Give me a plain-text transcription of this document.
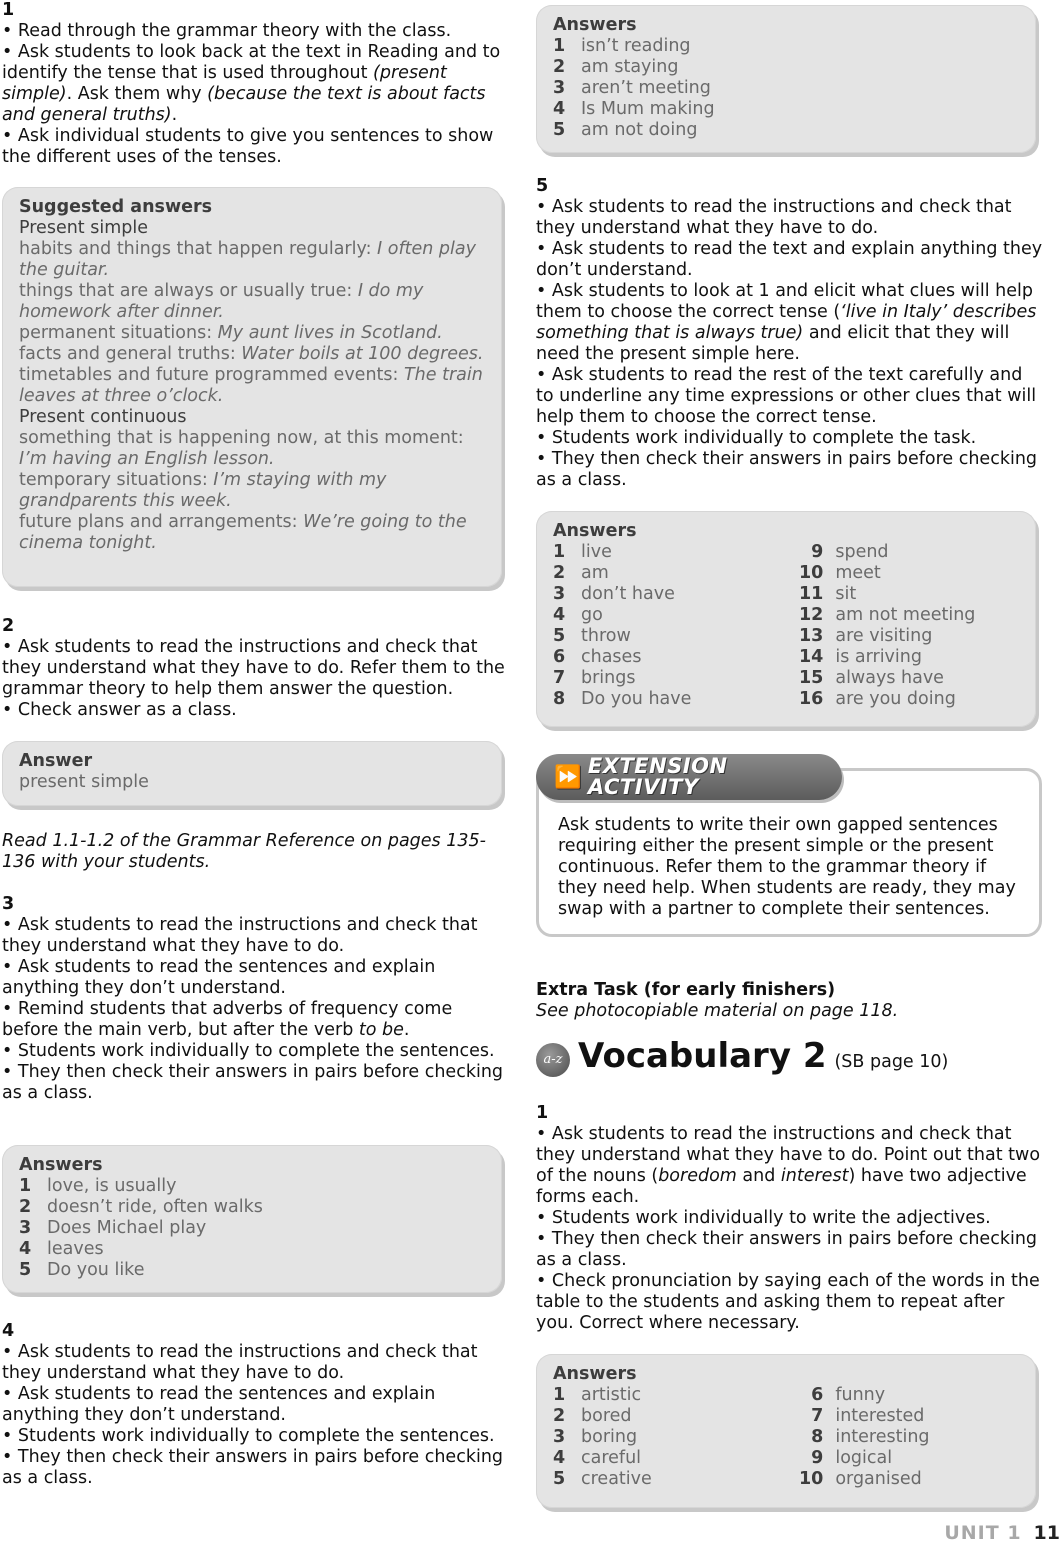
1

• Read through the grammar theory with the class.

• Ask students to look back at the text in Reading and to identify the tense that is used throughout (present simple). Ask them why (because the text is about facts and general truths).

• Ask individual students to give you sentences to show the different uses of the tenses.

Suggested answers

Present simple

habits and things that happen regularly: I often play the guitar.

things that are always or usually true: I do my homework after dinner.

permanent situations: My aunt lives in Scotland.

facts and general truths: Water boils at 100 degrees.

timetables and future programmed events: The train leaves at three o’clock.

Present continuous

something that is happening now, at this moment: I’m having an English lesson.

temporary situations: I’m staying with my grandparents this week.

future plans and arrangements: We’re going to the cinema tonight.

2

• Ask students to read the instructions and check that they understand what they have to do. Refer them to the grammar theory to help them answer the question.

• Check answer as a class.

Answer

present simple

Read 1.1-1.2 of the Grammar Reference on pages 135-136 with your students.

3

• Ask students to read the instructions and check that they understand what they have to do.

• Ask students to read the sentences and explain anything they don’t understand.

• Remind students that adverbs of frequency come before the main verb, but after the verb to be.

• Students work individually to complete the sentences.

• They then check their answers in pairs before checking as a class.

Answers

1 love, is usually
2 doesn’t ride, often walks
3 Does Michael play
4 leaves
5 Do you like

4

• Ask students to read the instructions and check that they understand what they have to do.

• Ask students to read the sentences and explain anything they don’t understand.

• Students work individually to complete the sentences.

• They then check their answers in pairs before checking as a class.

Answers

1 isn’t reading
2 am staying
3 aren’t meeting
4 Is Mum making
5 am not doing

5

• Ask students to read the instructions and check that they understand what they have to do.

• Ask students to read the text and explain anything they don’t understand.

• Ask students to look at 1 and elicit what clues will help them to choose the correct tense (‘live in Italy’ describes something that is always true) and elicit that they will need the present simple here.

• Ask students to read the rest of the text carefully and to underline any time expressions or other clues that will help them to choose the correct tense.

• Students work individually to complete the task.

• They then check their answers in pairs before checking as a class.

Answers

1 live
2 am
3 don’t have
4 go
5 throw
6 chases
7 brings
8 Do you have
9 spend
10 meet
11 sit
12 am not meeting
13 are visiting
14 is arriving
15 always have
16 are you doing

Ask students to write their own gapped sentences requiring either the present simple or the present continuous. Refer them to the grammar theory if they need help. When students are ready, they may swap with a partner to complete their sentences.

⏩ EXTENSION ACTIVITY

Extra Task (for early finishers)

See photocopiable material on page 118.

a-z Vocabulary 2 (SB page 10)

1

• Ask students to read the instructions and check that they understand what they have to do. Point out that two of the nouns (boredom and interest) have two adjective forms each.

• Students work individually to write the adjectives.

• They then check their answers in pairs before checking as a class.

• Check pronunciation by saying each of the words in the table to the students and asking them to repeat after you. Correct where necessary.

Answers

1 artistic
2 bored
3 boring
4 careful
5 creative
6 funny
7 interested
8 interesting
9 logical
10 organised
UNIT 1 11
